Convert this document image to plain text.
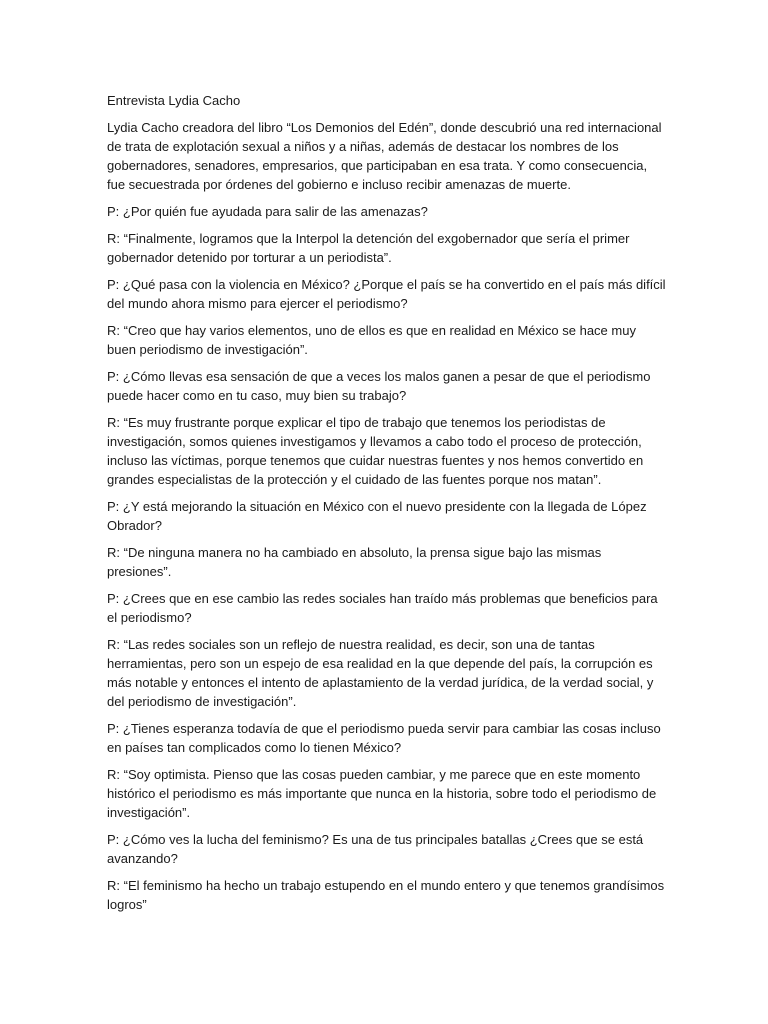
Entrevista Lydia Cacho

Lydia Cacho creadora del libro “Los Demonios del Edén”, donde descubrió una red internacional de trata de explotación sexual a niños y a niñas, además de destacar los nombres de los gobernadores, senadores, empresarios, que participaban en esa trata. Y como consecuencia, fue secuestrada por órdenes del gobierno e incluso recibir amenazas de muerte.

P: ¿Por quién fue ayudada para salir de las amenazas?

R: “Finalmente, logramos que la Interpol la detención del exgobernador que sería el primer gobernador detenido por torturar a un periodista”.

P: ¿Qué pasa con la violencia en México? ¿Porque el país se ha convertido en el país más difícil del mundo ahora mismo para ejercer el periodismo?

R: “Creo que hay varios elementos, uno de ellos es que en realidad en México se hace muy buen periodismo de investigación”.

P: ¿Cómo llevas esa sensación de que a veces los malos ganen a pesar de que el periodismo puede hacer como en tu caso, muy bien su trabajo?

R: “Es muy frustrante porque explicar el tipo de trabajo que tenemos los periodistas de investigación, somos quienes investigamos y llevamos a cabo todo el proceso de protección, incluso las víctimas, porque tenemos que cuidar nuestras fuentes y nos hemos convertido en grandes especialistas de la protección y el cuidado de las fuentes porque nos matan”.

P: ¿Y está mejorando la situación en México con el nuevo presidente con la llegada de López Obrador?

R: “De ninguna manera no ha cambiado en absoluto, la prensa sigue bajo las mismas presiones”.

P: ¿Crees que en ese cambio las redes sociales han traído más problemas que beneficios para el periodismo?

R: “Las redes sociales son un reflejo de nuestra realidad, es decir, son una de tantas herramientas, pero son un espejo de esa realidad en la que depende del país, la corrupción es más notable y entonces el intento de aplastamiento de la verdad jurídica, de la verdad social, y del periodismo de investigación”.

P: ¿Tienes esperanza todavía de que el periodismo pueda servir para cambiar las cosas incluso en países tan complicados como lo tienen México?

R: “Soy optimista. Pienso que las cosas pueden cambiar, y me parece que en este momento histórico el periodismo es más importante que nunca en la historia, sobre todo el periodismo de investigación”.

P: ¿Cómo ves la lucha del feminismo? Es una de tus principales batallas ¿Crees que se está avanzando?

R: “El feminismo ha hecho un trabajo estupendo en el mundo entero y que tenemos grandísimos logros”
